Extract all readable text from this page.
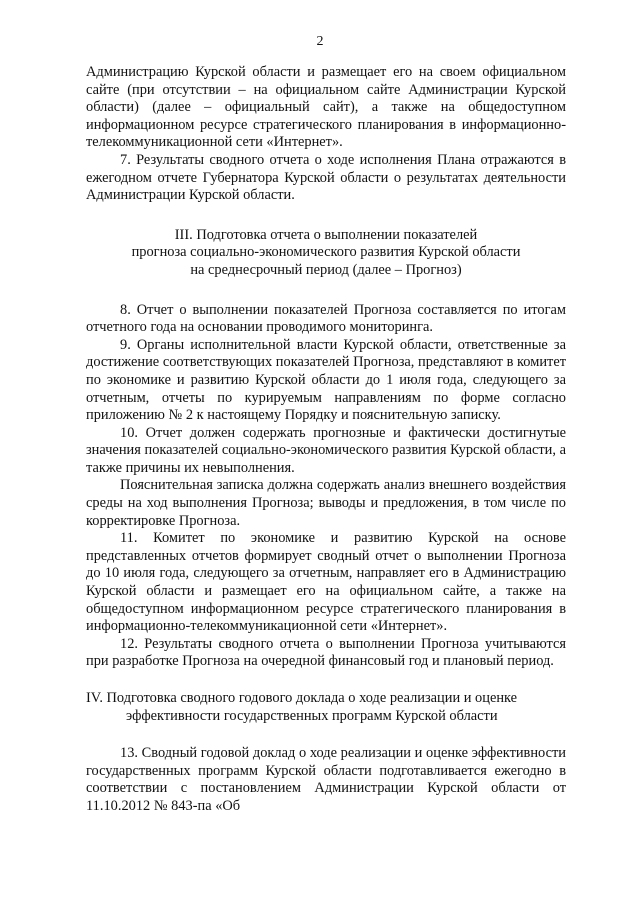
2

Администрацию Курской области и размещает его на своем официальном сайте (при отсутствии – на официальном сайте Администрации Курской области) (далее – официальный сайт), а также на общедоступном информационном ресурсе стратегического планирования в информационно-телекоммуникационной сети «Интернет».

7. Результаты сводного отчета о ходе исполнения Плана отражаются в ежегодном отчете Губернатора Курской области о результатах деятельности Администрации Курской области.

III. Подготовка отчета о выполнении показателей

прогноза социально-экономического развития Курской области

на среднесрочный период (далее – Прогноз)

8. Отчет о выполнении показателей Прогноза составляется по итогам отчетного года на основании проводимого мониторинга.

9. Органы исполнительной власти Курской области, ответственные за достижение соответствующих показателей Прогноза, представляют в комитет по экономике и развитию Курской области до 1 июля года, следующего за отчетным, отчеты по курируемым направлениям по форме согласно приложению № 2 к настоящему Порядку и пояснительную записку.

10. Отчет должен содержать прогнозные и фактически достигнутые значения показателей социально-экономического развития Курской области, а также причины их невыполнения.

Пояснительная записка должна содержать анализ внешнего воздействия среды на ход выполнения Прогноза; выводы и предложения, в том числе по корректировке Прогноза.

11. Комитет по экономике и развитию Курской на основе представленных отчетов формирует сводный отчет о выполнении Прогноза до 10 июля года, следующего за отчетным, направляет его в Администрацию Курской области и размещает его на официальном сайте, а также на общедоступном информационном ресурсе стратегического планирования в информационно-телекоммуникационной сети «Интернет».

12. Результаты сводного отчета о выполнении Прогноза учитываются при разработке Прогноза на очередной финансовый год и плановый период.

IV. Подготовка сводного годового доклада о ходе реализации и оценке эффективности государственных программ Курской области

13. Сводный годовой доклад о ходе реализации и оценке эффективности государственных программ Курской области подготавливается ежегодно в соответствии с постановлением Администрации Курской области от 11.10.2012 № 843-па «Об
